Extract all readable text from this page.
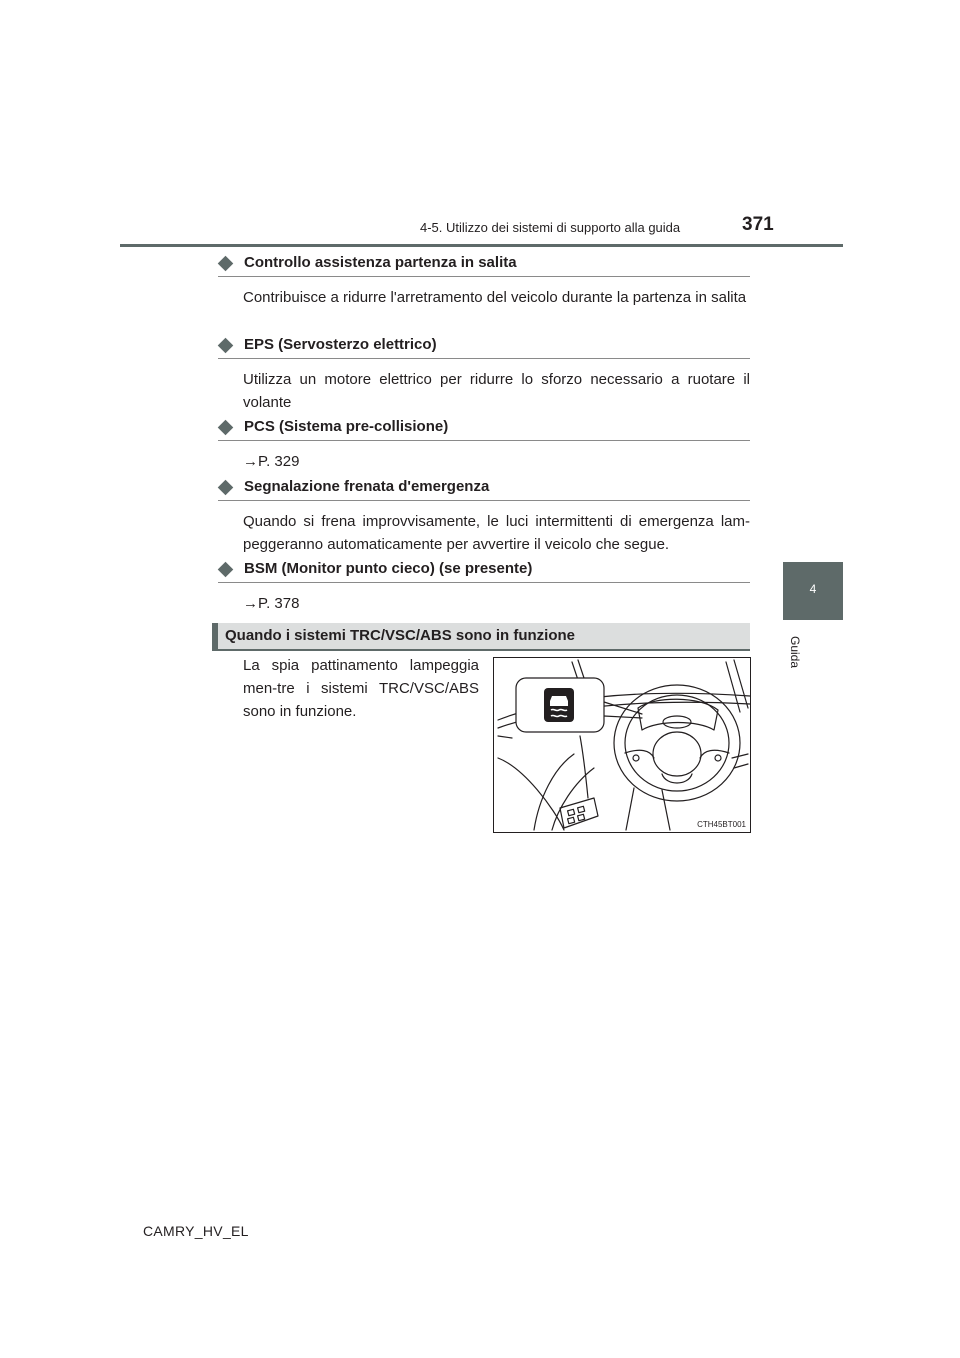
4-5. Utilizzo dei sistemi di supporto alla guida	371
4
Guida
Controllo assistenza partenza in salita
Contribuisce a ridurre l'arretramento del veicolo durante la partenza in salita
EPS (Servosterzo elettrico)
Utilizza un motore elettrico per ridurre lo sforzo necessario a ruotare il volante
PCS (Sistema pre-collisione)
→P. 329
Segnalazione frenata d'emergenza
Quando si frena improvvisamente, le luci intermittenti di emergenza lam-peggeranno automaticamente per avvertire il veicolo che segue.
BSM (Monitor punto cieco) (se presente)
→P. 378
Quando i sistemi TRC/VSC/ABS sono in funzione
La spia pattinamento lampeggia men-tre i sistemi TRC/VSC/ABS sono in funzione.
CTH45BT001
CAMRY_HV_EL
